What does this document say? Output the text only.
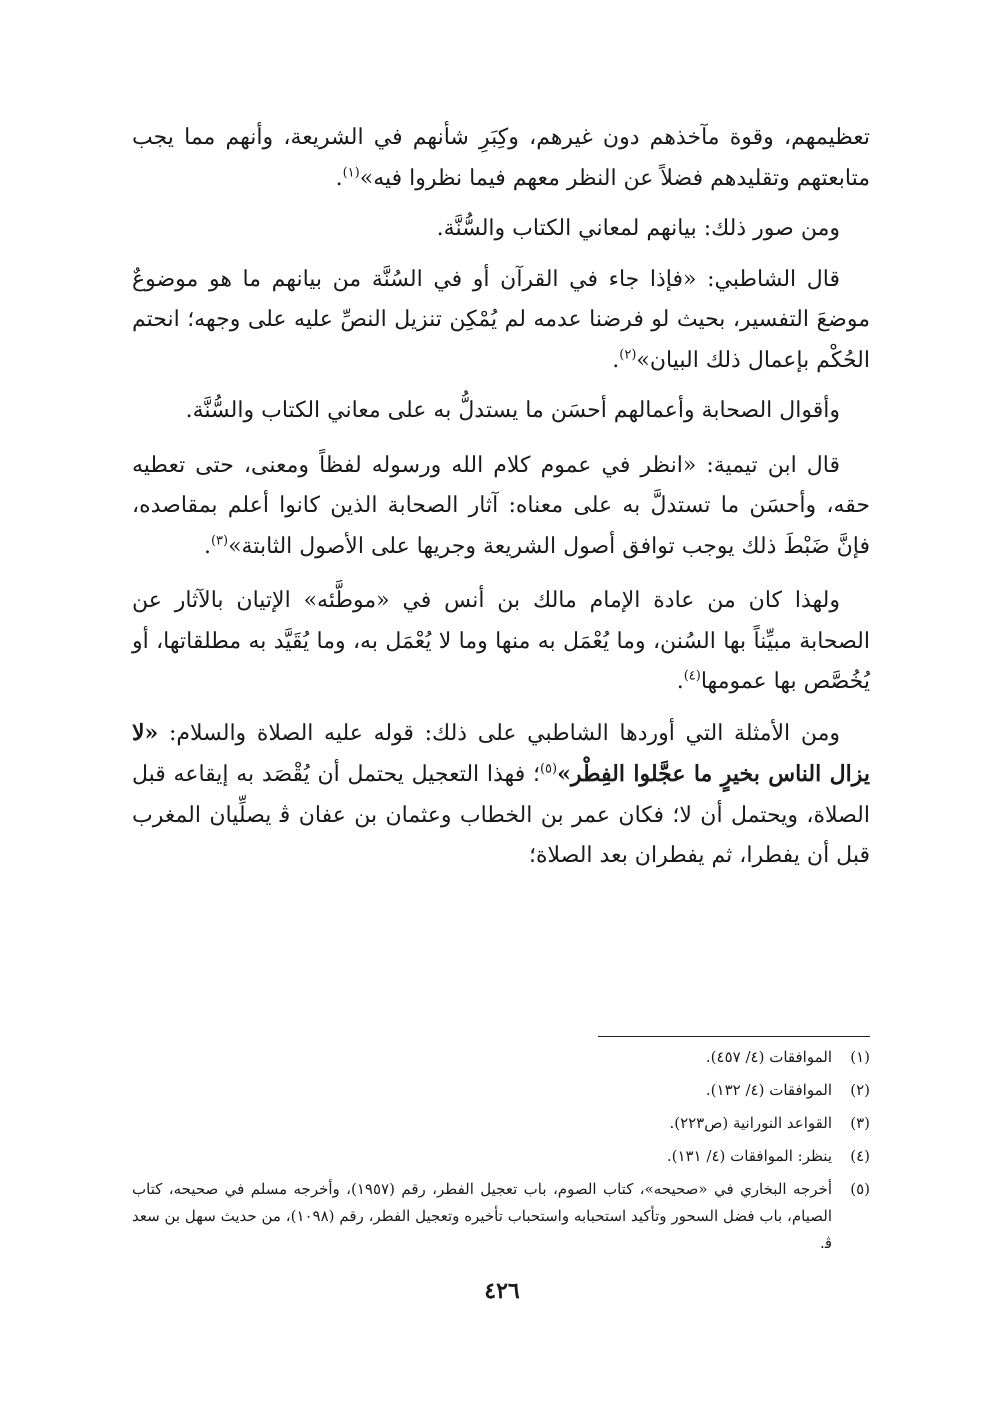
تعظيمهم، وقوة مآخذهم دون غيرهم، وكِبَرِ شأنهم في الشريعة، وأنهم مما يجب متابعتهم وتقليدهم فضلاً عن النظر معهم فيما نظروا فيه»$^{(١)}$.

ومن صور ذلك: بيانهم لمعاني الكتاب والسُّنَّة.

قال الشاطبي: «فإذا جاء في القرآن أو في السُنَّة من بيانهم ما هو موضوعٌ موضعَ التفسير، بحيث لو فرضنا عدمه لم يُمْكِن تنزيل النصِّ عليه على وجهه؛ انحتم الحُكْم بإعمال ذلك البيان»$^{(٢)}$.

وأقوال الصحابة وأعمالهم أحسَن ما يستدلُّ به على معاني الكتاب والسُّنَّة.

قال ابن تيمية: «انظر في عموم كلام الله ورسوله لفظاً ومعنى، حتى تعطيه حقه، وأحسَن ما تستدلَّ به على معناه: آثار الصحابة الذين كانوا أعلم بمقاصده، فإنَّ ضَبْطَ ذلك يوجب توافق أصول الشريعة وجريها على الأصول الثابتة»$^{(٣)}$.

ولهذا كان من عادة الإمام مالك بن أنس في «موطَّئه» الإتيان بالآثار عن الصحابة مبيِّناً بها السُنن، وما يُعْمَل به منها وما لا يُعْمَل به، وما يُقَيَّد به مطلقاتها، أو يُخُصَّص بها عمومها$^{(٤)}$.

ومن الأمثلة التي أوردها الشاطبي على ذلك: قوله عليه الصلاة والسلام: «لا يزال الناس بخيرٍ ما عجَّلوا الفِطْر»$^{(٥)}$؛ فهذا التعجيل يحتمل أن يُقْصَد به إيقاعه قبل الصلاة، ويحتمل أن لا؛ فكان عمر بن الخطاب وعثمان بن عفان ﭬ يصلِّيان المغرب قبل أن يفطرا، ثم يفطران بعد الصلاة؛

(١)
الموافقات (٤/ ٤٥٧).
(٢)
الموافقات (٤/ ١٣٢).
(٣)
القواعد النورانية (ص٢٢٣).
(٤)
ينظر: الموافقات (٤/ ١٣١).
(٥)
أخرجه البخاري في «صحيحه»، كتاب الصوم، باب تعجيل الفطر، رقم (١٩٥٧)، وأخرجه مسلم في صحيحه، كتاب الصيام، باب فضل السحور وتأكيد استحبابه واستحباب تأخيره وتعجيل الفطر، رقم (١٠٩٨)، من حديث سهل بن سعد ﭬ.
٤٢٦
